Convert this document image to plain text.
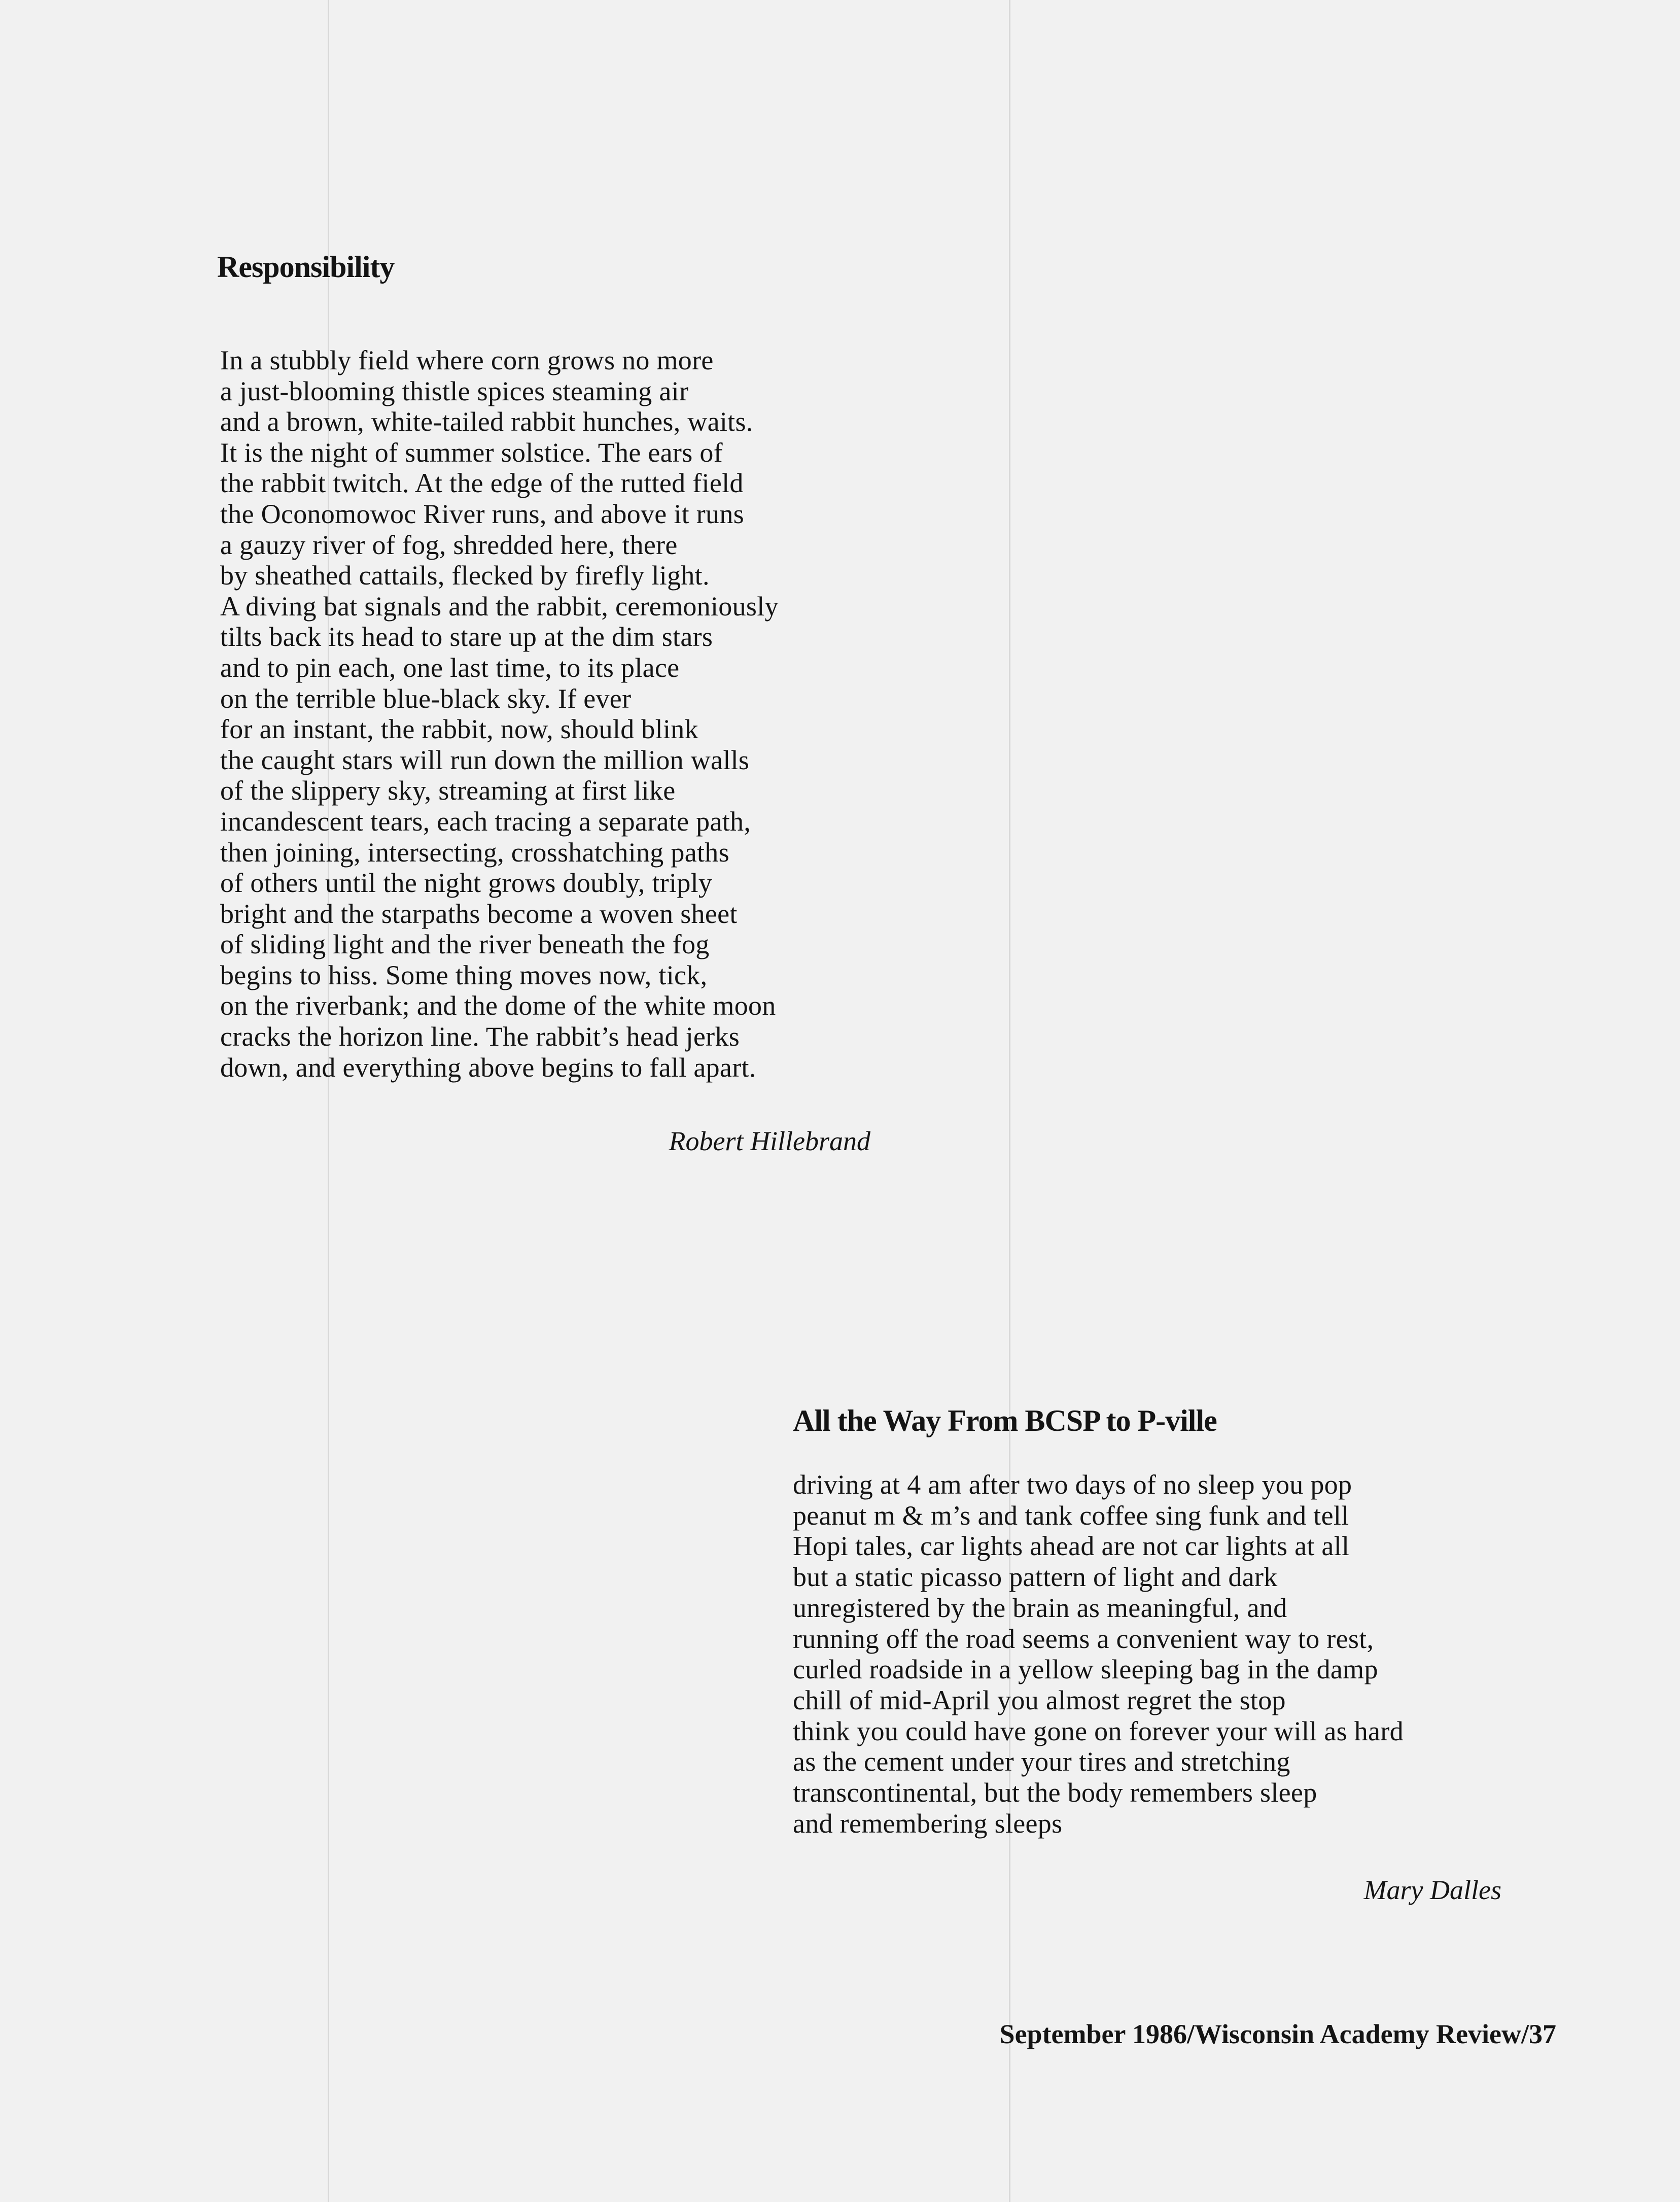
Responsibility
In a stubbly field where corn grows no more
a just-blooming thistle spices steaming air
and a brown, white-tailed rabbit hunches, waits.
It is the night of summer solstice. The ears of
the rabbit twitch. At the edge of the rutted field
the Oconomowoc River runs, and above it runs
a gauzy river of fog, shredded here, there
by sheathed cattails, flecked by firefly light.
A diving bat signals and the rabbit, ceremoniously
tilts back its head to stare up at the dim stars
and to pin each, one last time, to its place
on the terrible blue-black sky. If ever
for an instant, the rabbit, now, should blink
the caught stars will run down the million walls
of the slippery sky, streaming at first like
incandescent tears, each tracing a separate path,
then joining, intersecting, crosshatching paths
of others until the night grows doubly, triply
bright and the starpaths become a woven sheet
of sliding light and the river beneath the fog
begins to hiss. Some thing moves now, tick,
on the riverbank; and the dome of the white moon
cracks the horizon line. The rabbit’s head jerks
down, and everything above begins to fall apart.
Robert Hillebrand
All the Way From BCSP to P-ville
driving at 4 am after two days of no sleep you pop
peanut m & m’s and tank coffee sing funk and tell
Hopi tales, car lights ahead are not car lights at all
but a static picasso pattern of light and dark
unregistered by the brain as meaningful, and
running off the road seems a convenient way to rest,
curled roadside in a yellow sleeping bag in the damp
chill of mid-April you almost regret the stop
think you could have gone on forever your will as hard
as the cement under your tires and stretching
transcontinental, but the body remembers sleep
and remembering sleeps
Mary Dalles
September 1986/Wisconsin Academy Review/37
